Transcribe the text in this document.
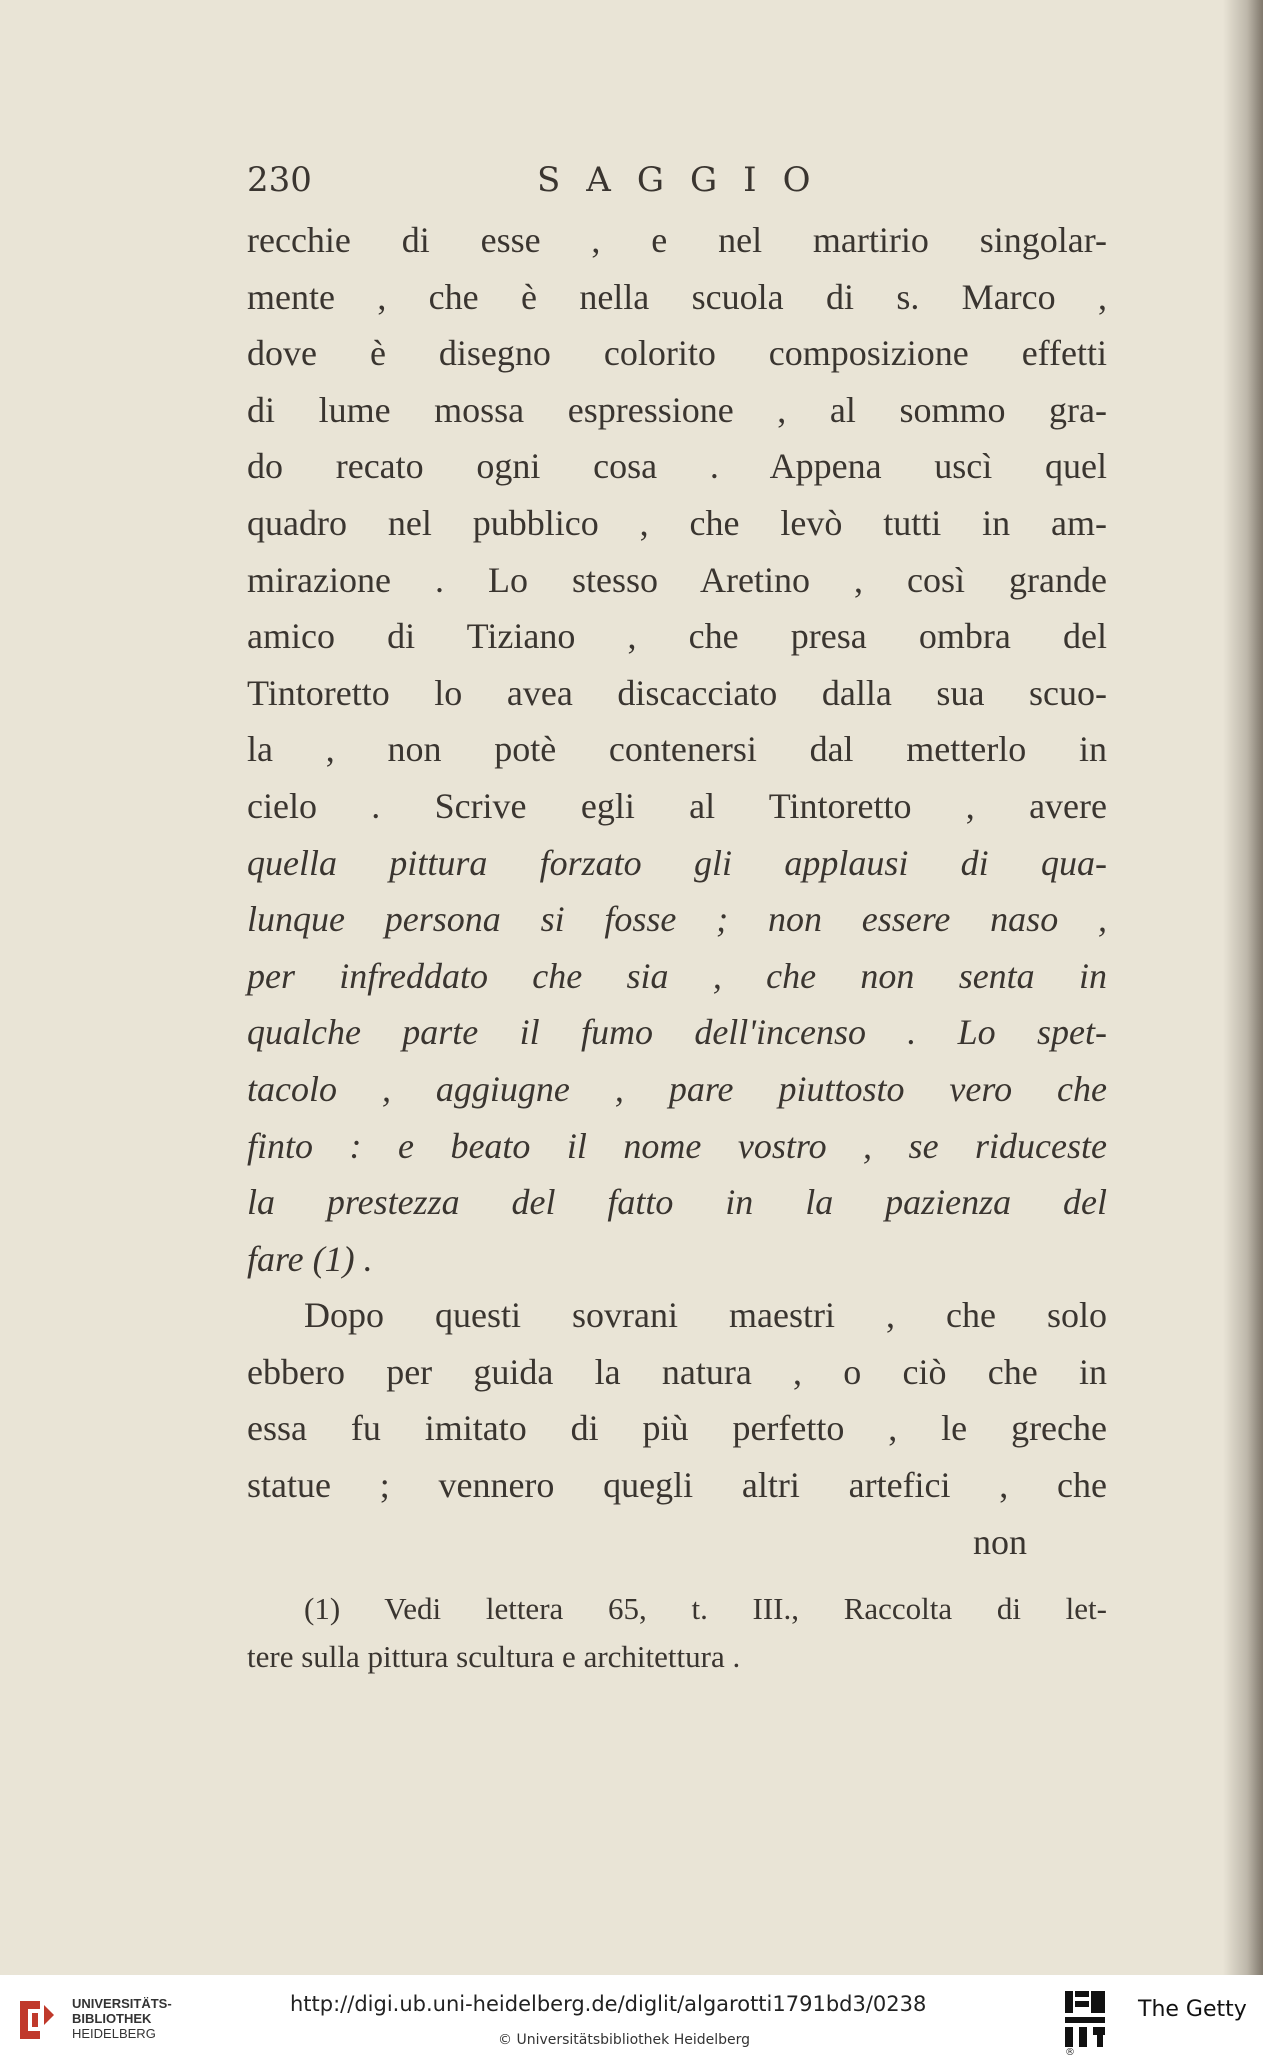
230	SAGGIO
recchie di esse , e nel martirio singolar-
mente , che è nella scuola di s. Marco ,
dove è disegno colorito composizione effetti
di lume mossa espressione , al sommo gra-
do recato ogni cosa . Appena uscì quel
quadro nel pubblico , che levò tutti in am-
mirazione . Lo stesso Aretino , così grande
amico di Tiziano , che presa ombra del
Tintoretto lo avea discacciato dalla sua scuo-
la , non potè contenersi dal metterlo in
cielo . Scrive egli al Tintoretto , avere
quella pittura forzato gli applausi di qua-
lunque persona si fosse ; non essere naso ,
per infreddato che sia , che non senta in
qualche parte il fumo dell'incenso . Lo spet-
tacolo , aggiugne , pare piuttosto vero che
finto : e beato il nome vostro , se riduceste
la prestezza del fatto in la pazienza del
fare (1) .
Dopo questi sovrani maestri , che solo
ebbero per guida la natura , o ciò che in
essa fu imitato di più perfetto , le greche
statue ; vennero quegli altri artefici , che
non
(1) Vedi lettera 65, t. III., Raccolta di let-
tere sulla pittura scultura e architettura .
UNIVERSITÄTS-
BIBLIOTHEK
HEIDELBERG
http://digi.ub.uni-heidelberg.de/diglit/algarotti1791bd3/0238
© Universitätsbibliothek Heidelberg
®
The Getty
